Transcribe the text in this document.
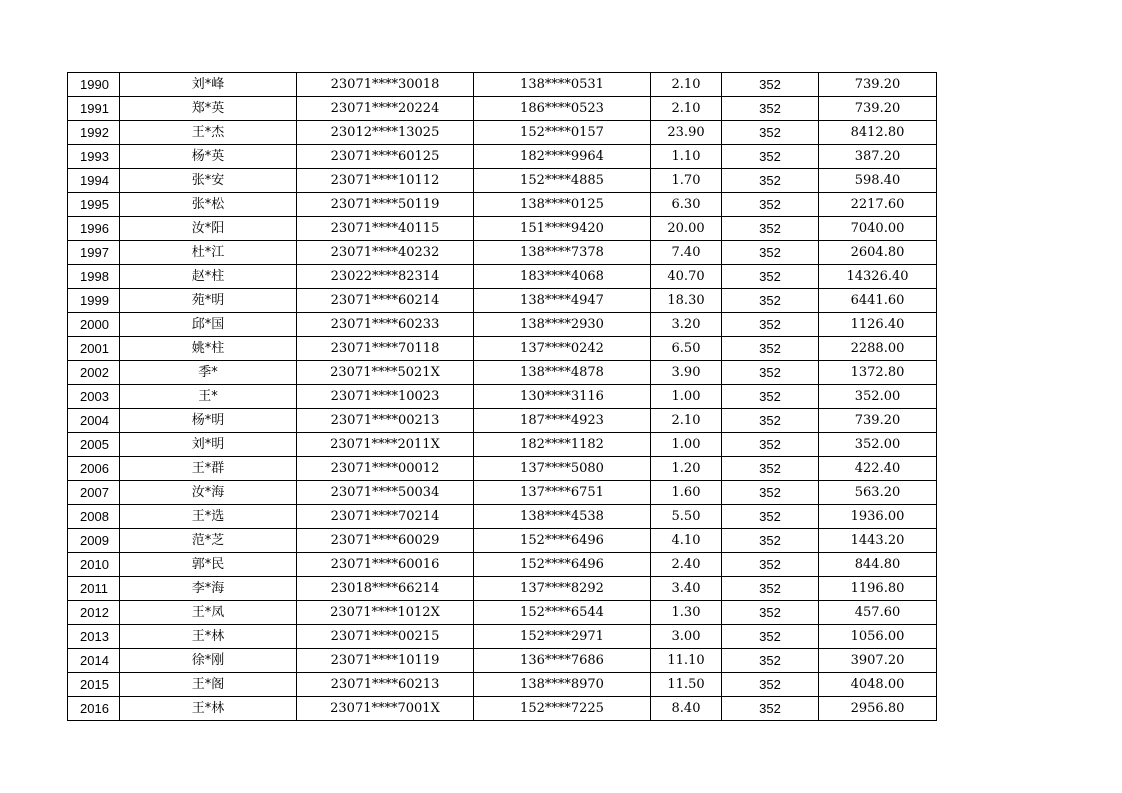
1990	刘*峰	23071****30018	138****0531	2.10	352	739.20
1991	郑*英	23071****20224	186****0523	2.10	352	739.20
1992	王*杰	23012****13025	152****0157	23.90	352	8412.80
1993	杨*英	23071****60125	182****9964	1.10	352	387.20
1994	张*安	23071****10112	152****4885	1.70	352	598.40
1995	张*松	23071****50119	138****0125	6.30	352	2217.60
1996	汝*阳	23071****40115	151****9420	20.00	352	7040.00
1997	杜*江	23071****40232	138****7378	7.40	352	2604.80
1998	赵*柱	23022****82314	183****4068	40.70	352	14326.40
1999	苑*明	23071****60214	138****4947	18.30	352	6441.60
2000	邱*国	23071****60233	138****2930	3.20	352	1126.40
2001	姚*柱	23071****70118	137****0242	6.50	352	2288.00
2002	季*	23071****5021X	138****4878	3.90	352	1372.80
2003	王*	23071****10023	130****3116	1.00	352	352.00
2004	杨*明	23071****00213	187****4923	2.10	352	739.20
2005	刘*明	23071****2011X	182****1182	1.00	352	352.00
2006	王*群	23071****00012	137****5080	1.20	352	422.40
2007	汝*海	23071****50034	137****6751	1.60	352	563.20
2008	王*选	23071****70214	138****4538	5.50	352	1936.00
2009	范*芝	23071****60029	152****6496	4.10	352	1443.20
2010	郭*民	23071****60016	152****6496	2.40	352	844.80
2011	李*海	23018****66214	137****8292	3.40	352	1196.80
2012	王*凤	23071****1012X	152****6544	1.30	352	457.60
2013	王*林	23071****00215	152****2971	3.00	352	1056.00
2014	徐*刚	23071****10119	136****7686	11.10	352	3907.20
2015	王*阁	23071****60213	138****8970	11.50	352	4048.00
2016	王*林	23071****7001X	152****7225	8.40	352	2956.80
